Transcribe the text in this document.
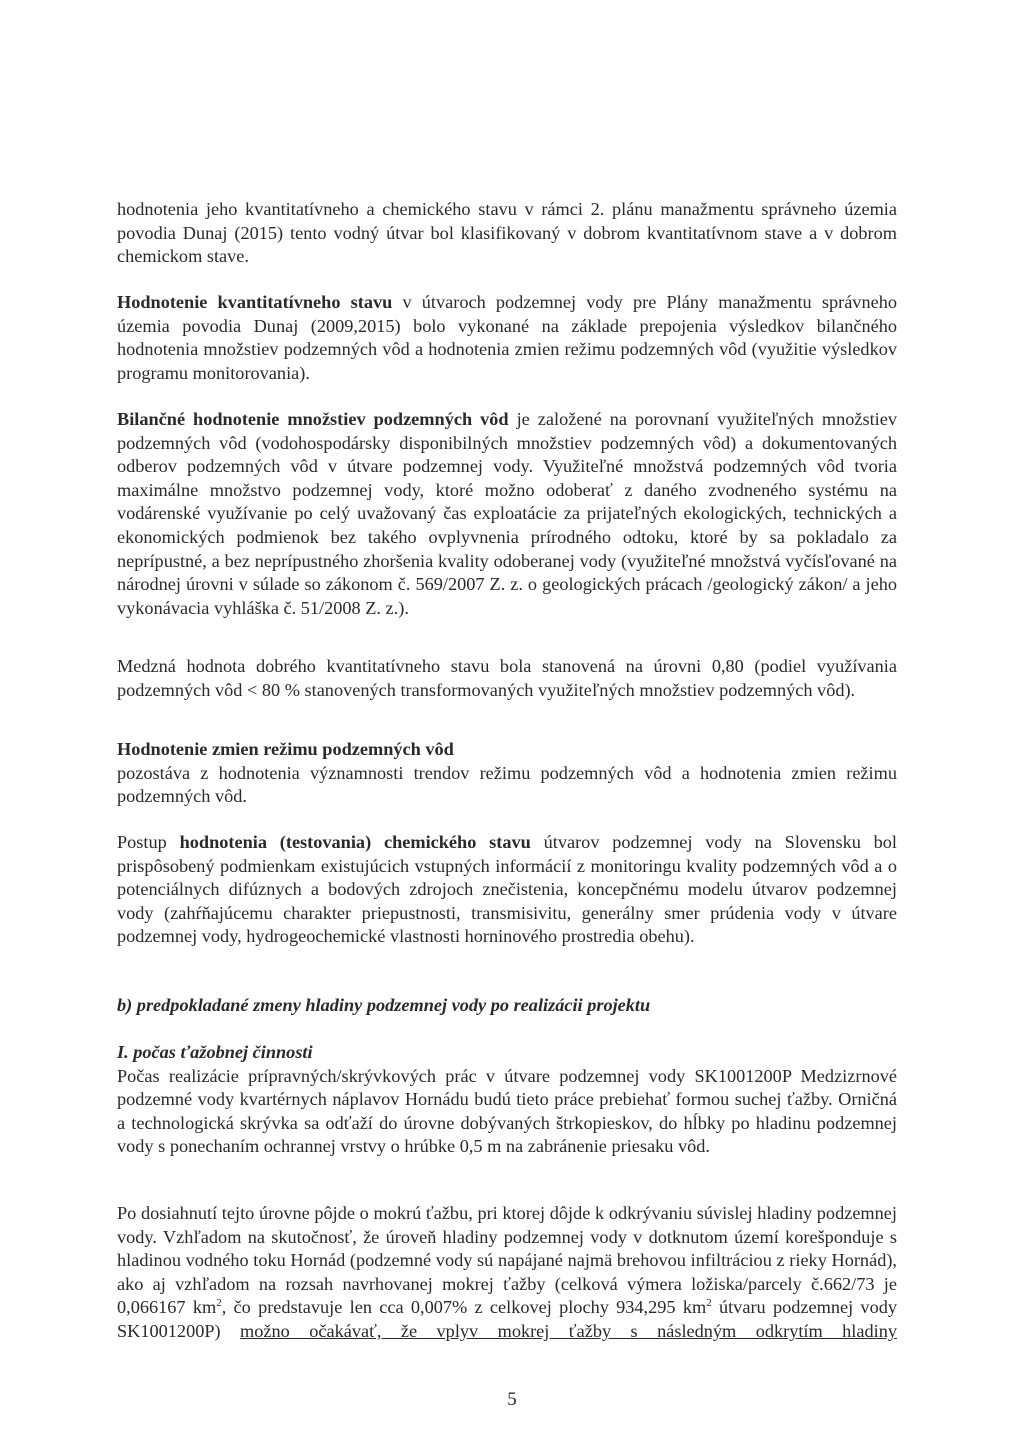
hodnotenia jeho kvantitatívneho a chemického stavu v rámci 2. plánu manažmentu správneho územia povodia Dunaj (2015) tento vodný útvar bol klasifikovaný v dobrom kvantitatívnom stave a v dobrom chemickom stave.

Hodnotenie kvantitatívneho stavu v útvaroch podzemnej vody pre Plány manažmentu správneho územia povodia Dunaj (2009,2015) bolo vykonané na základe prepojenia výsledkov bilančného hodnotenia množstiev podzemných vôd a hodnotenia zmien režimu podzemných vôd (využitie výsledkov programu monitorovania).

Bilančné hodnotenie množstiev podzemných vôd je založené na porovnaní využiteľných množstiev podzemných vôd (vodohospodársky disponibilných množstiev podzemných vôd) a dokumentovaných odberov podzemných vôd v útvare podzemnej vody. Využiteľné množstvá podzemných vôd tvoria maximálne množstvo podzemnej vody, ktoré možno odoberať z daného zvodneného systému na vodárenské využívanie po celý uvažovaný čas exploatácie za prijateľných ekologických, technických a ekonomických podmienok bez takého ovplyvnenia prírodného odtoku, ktoré by sa pokladalo za neprípustné, a bez neprípustného zhoršenia kvality odoberanej vody (využiteľné množstvá vyčísľované na národnej úrovni v súlade so zákonom č. 569/2007 Z. z. o geologických prácach /geologický zákon/ a jeho vykonávacia vyhláška č. 51/2008 Z. z.).

Medzná hodnota dobrého kvantitatívneho stavu bola stanovená na úrovni 0,80 (podiel využívania podzemných vôd < 80 % stanovených transformovaných využiteľných množstiev podzemných vôd).

Hodnotenie zmien režimu podzemných vôd
pozostáva z hodnotenia významnosti trendov režimu podzemných vôd a hodnotenia zmien režimu podzemných vôd.

Postup hodnotenia (testovania) chemického stavu útvarov podzemnej vody na Slovensku bol prispôsobený podmienkam existujúcich vstupných informácií z monitoringu kvality podzemných vôd a o potenciálnych difúznych a bodových zdrojoch znečistenia, koncepčnému modelu útvarov podzemnej vody (zahŕňajúcemu charakter priepustnosti, transmisivitu, generálny smer prúdenia vody v útvare podzemnej vody, hydrogeochemické vlastnosti horninového prostredia obehu).

b) predpokladané zmeny hladiny podzemnej vody po realizácii projektu

I. počas ťažobnej činnosti
Počas realizácie prípravných/skrývkových prác v útvare podzemnej vody SK1001200P Medzizrnové podzemné vody kvartérnych náplavov Hornádu budú tieto práce prebiehať formou suchej ťažby. Orničná a technologická skrývka sa odťaží do úrovne dobývaných štrkopieskov, do hĺbky po hladinu podzemnej vody s ponechaním ochrannej vrstvy o hrúbke 0,5 m na zabránenie priesaku vôd.

Po dosiahnutí tejto úrovne pôjde o mokrú ťažbu, pri ktorej dôjde k odkrývaniu súvislej hladiny podzemnej vody. Vzhľadom na skutočnosť, že úroveň hladiny podzemnej vody v dotknutom území korešponduje s hladinou vodného toku Hornád (podzemné vody sú napájané najmä brehovou infiltráciou z rieky Hornád), ako aj vzhľadom na rozsah navrhovanej mokrej ťažby (celková výmera ložiska/parcely č.662/73 je 0,066167 $km^2$, čo predstavuje len cca 0,007% z celkovej plochy 934,295 $km^2$ útvaru podzemnej vody SK1001200P) možno očakávať, že vplyv mokrej ťažby s následným odkrytím hladiny

5
